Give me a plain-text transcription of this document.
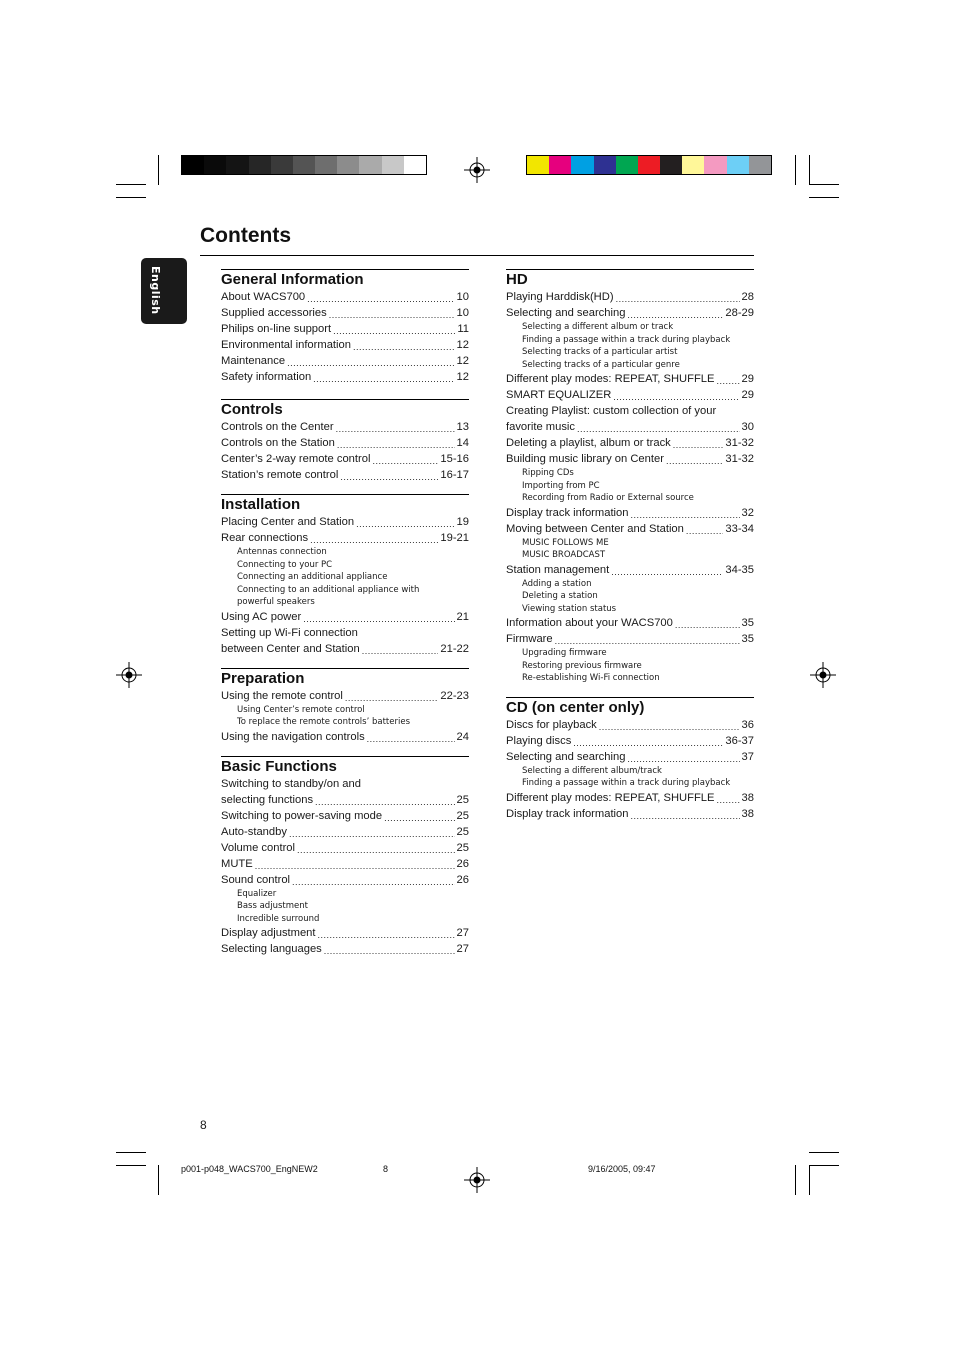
Contents
English	General Information
About WACS700 .....	10
Supplied accessories .....	10
Philips on-line support .....	11
Environmental information .....	12
Maintenance .....	12
Safety information .....	12
Controls
Controls on the Center .....	13
Controls on the Station .....	14
Center’s 2-way remote control .....	15-16
Station’s remote control .....	16-17
Installation
Placing Center and Station .....	19
Rear connections .....	19-21
Antennas connection
Connecting to your PC
Connecting an additional appliance
Connecting to an additional appliance with
powerful speakers
Using AC power .....	21
Setting up Wi-Fi connection
between Center and Station .....	21-22
Preparation
Using the remote control .....	22-23
Using Center’s remote control
To replace the remote controls’ batteries
Using the navigation controls .....	24
Basic Functions
Switching to standby/on and
selecting functions .....	25
Switching to power-saving mode .....	25
Auto-standby .....	25
Volume control .....	25
MUTE .....	26
Sound control .....	26
Equalizer
Bass adjustment
Incredible surround
Display adjustment .....	27
Selecting languages .....	27
HD
Playing Harddisk(HD) .....	28
Selecting and searching .....	28-29
Selecting a different album or track
Finding a passage within a track during playback
Selecting tracks of a particular artist
Selecting tracks of a particular genre
Different play modes: REPEAT, SHUFFLE ..... 29
SMART EQUALIZER .....	29
Creating Playlist: custom collection of your
favorite music .....	30
Deleting a playlist, album or track .....	31-32
Building music library on Center .....	31-32
Ripping CDs
Importing from PC
Recording from Radio or External source
Display track information .....	32
Moving between Center and Station .....	33-34
MUSIC FOLLOWS ME
MUSIC BROADCAST
Station management .....	34-35
Adding a station
Deleting a station
Viewing station status
Information about your WACS700 .....	35
Firmware .....	35
Upgrading firmware
Restoring previous firmware
Re-establishing Wi-Fi connection
CD (on center only)
Discs for playback .....	36
Playing discs .....	36-37
Selecting and searching .....	37
Selecting a different album/track
Finding a passage within a track during playback
Different play modes: REPEAT, SHUFFLE ..... 38
Display track information .....	38
8
p001-p048_WACS700_EngNEW2	8	9/16/2005, 09:47
